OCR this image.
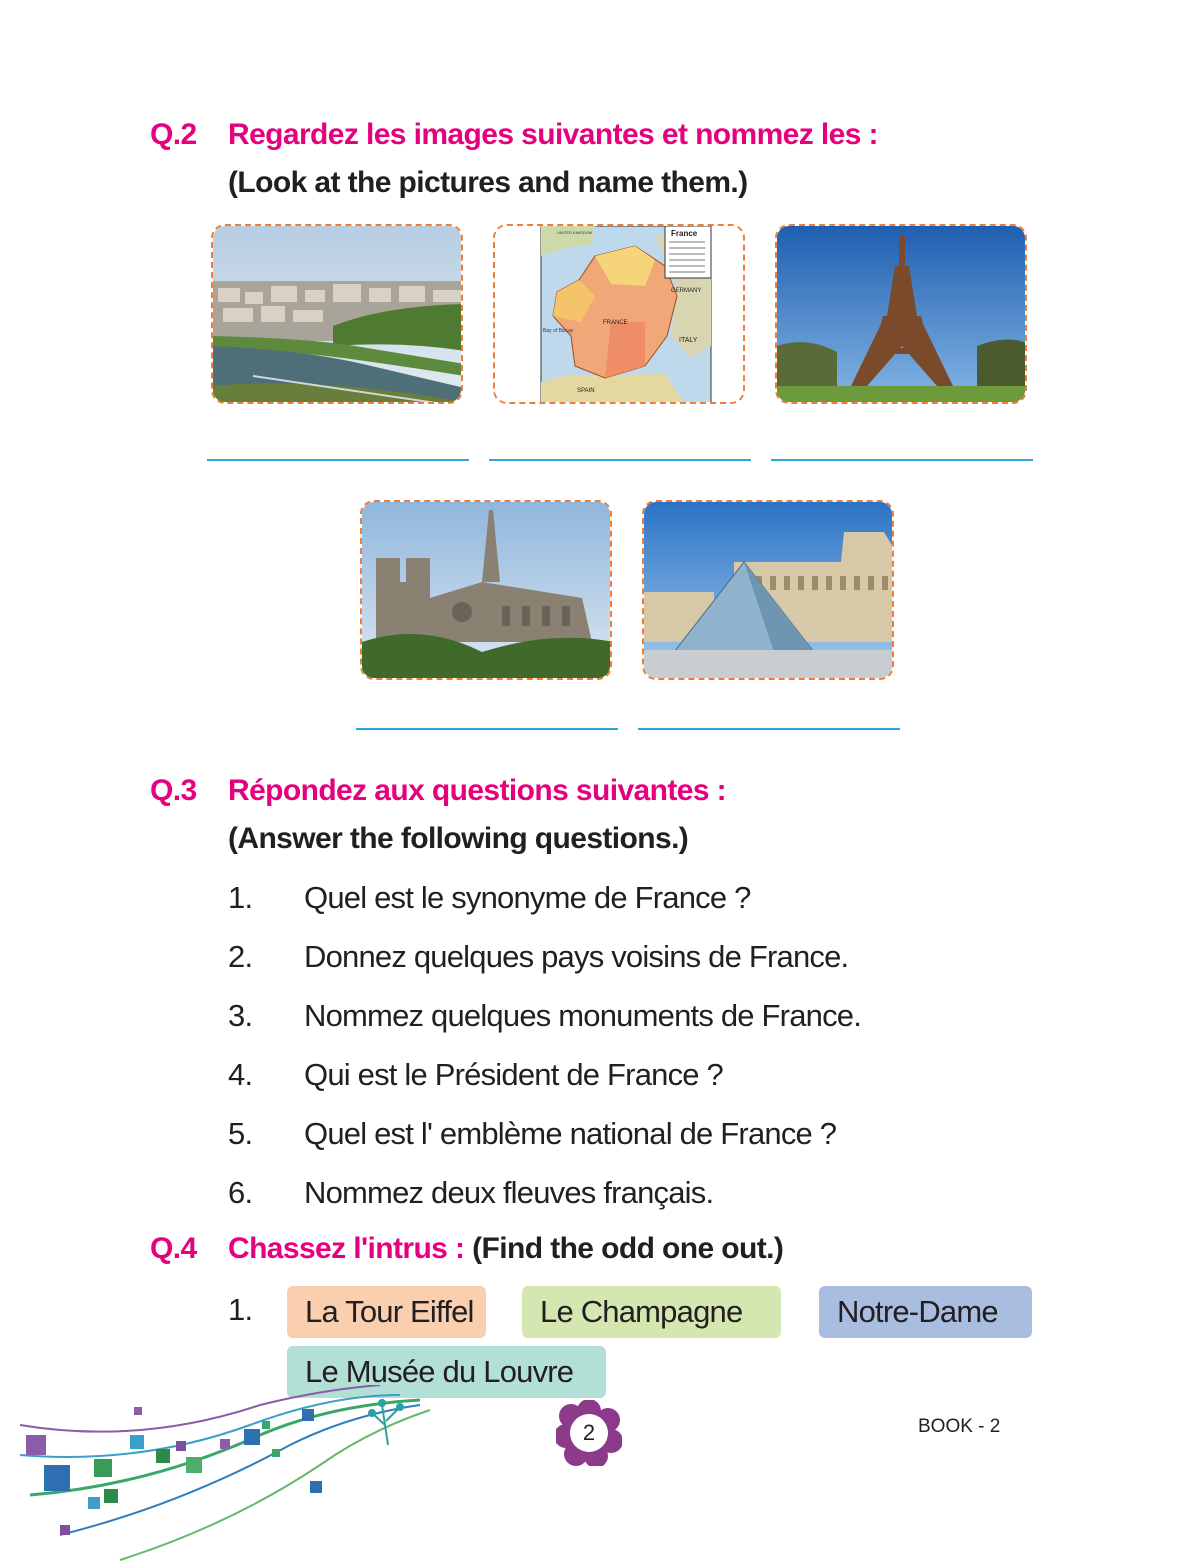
Q.2 Regardez les images suivantes et nommez les :
(Look at the pictures and name them.)
France
FRANCE
GERMANY
ITALY
SPAIN
Bay of Biscay
UNITED KINGDOM
Q.3 Répondez aux questions suivantes :
(Answer the following questions.)
1. Quel est le synonyme de France ?
2. Donnez quelques pays voisins de France.
3. Nommez quelques monuments de France.
4. Qui est le Président de France ?
5. Quel est l' emblème national de France ?
6. Nommez deux fleuves français.
Q.4 Chassez l'intrus : (Find the odd one out.)
1.	La Tour Eiffel	Le Champagne	Notre-Dame
Le Musée du Louvre
2	BOOK - 2
